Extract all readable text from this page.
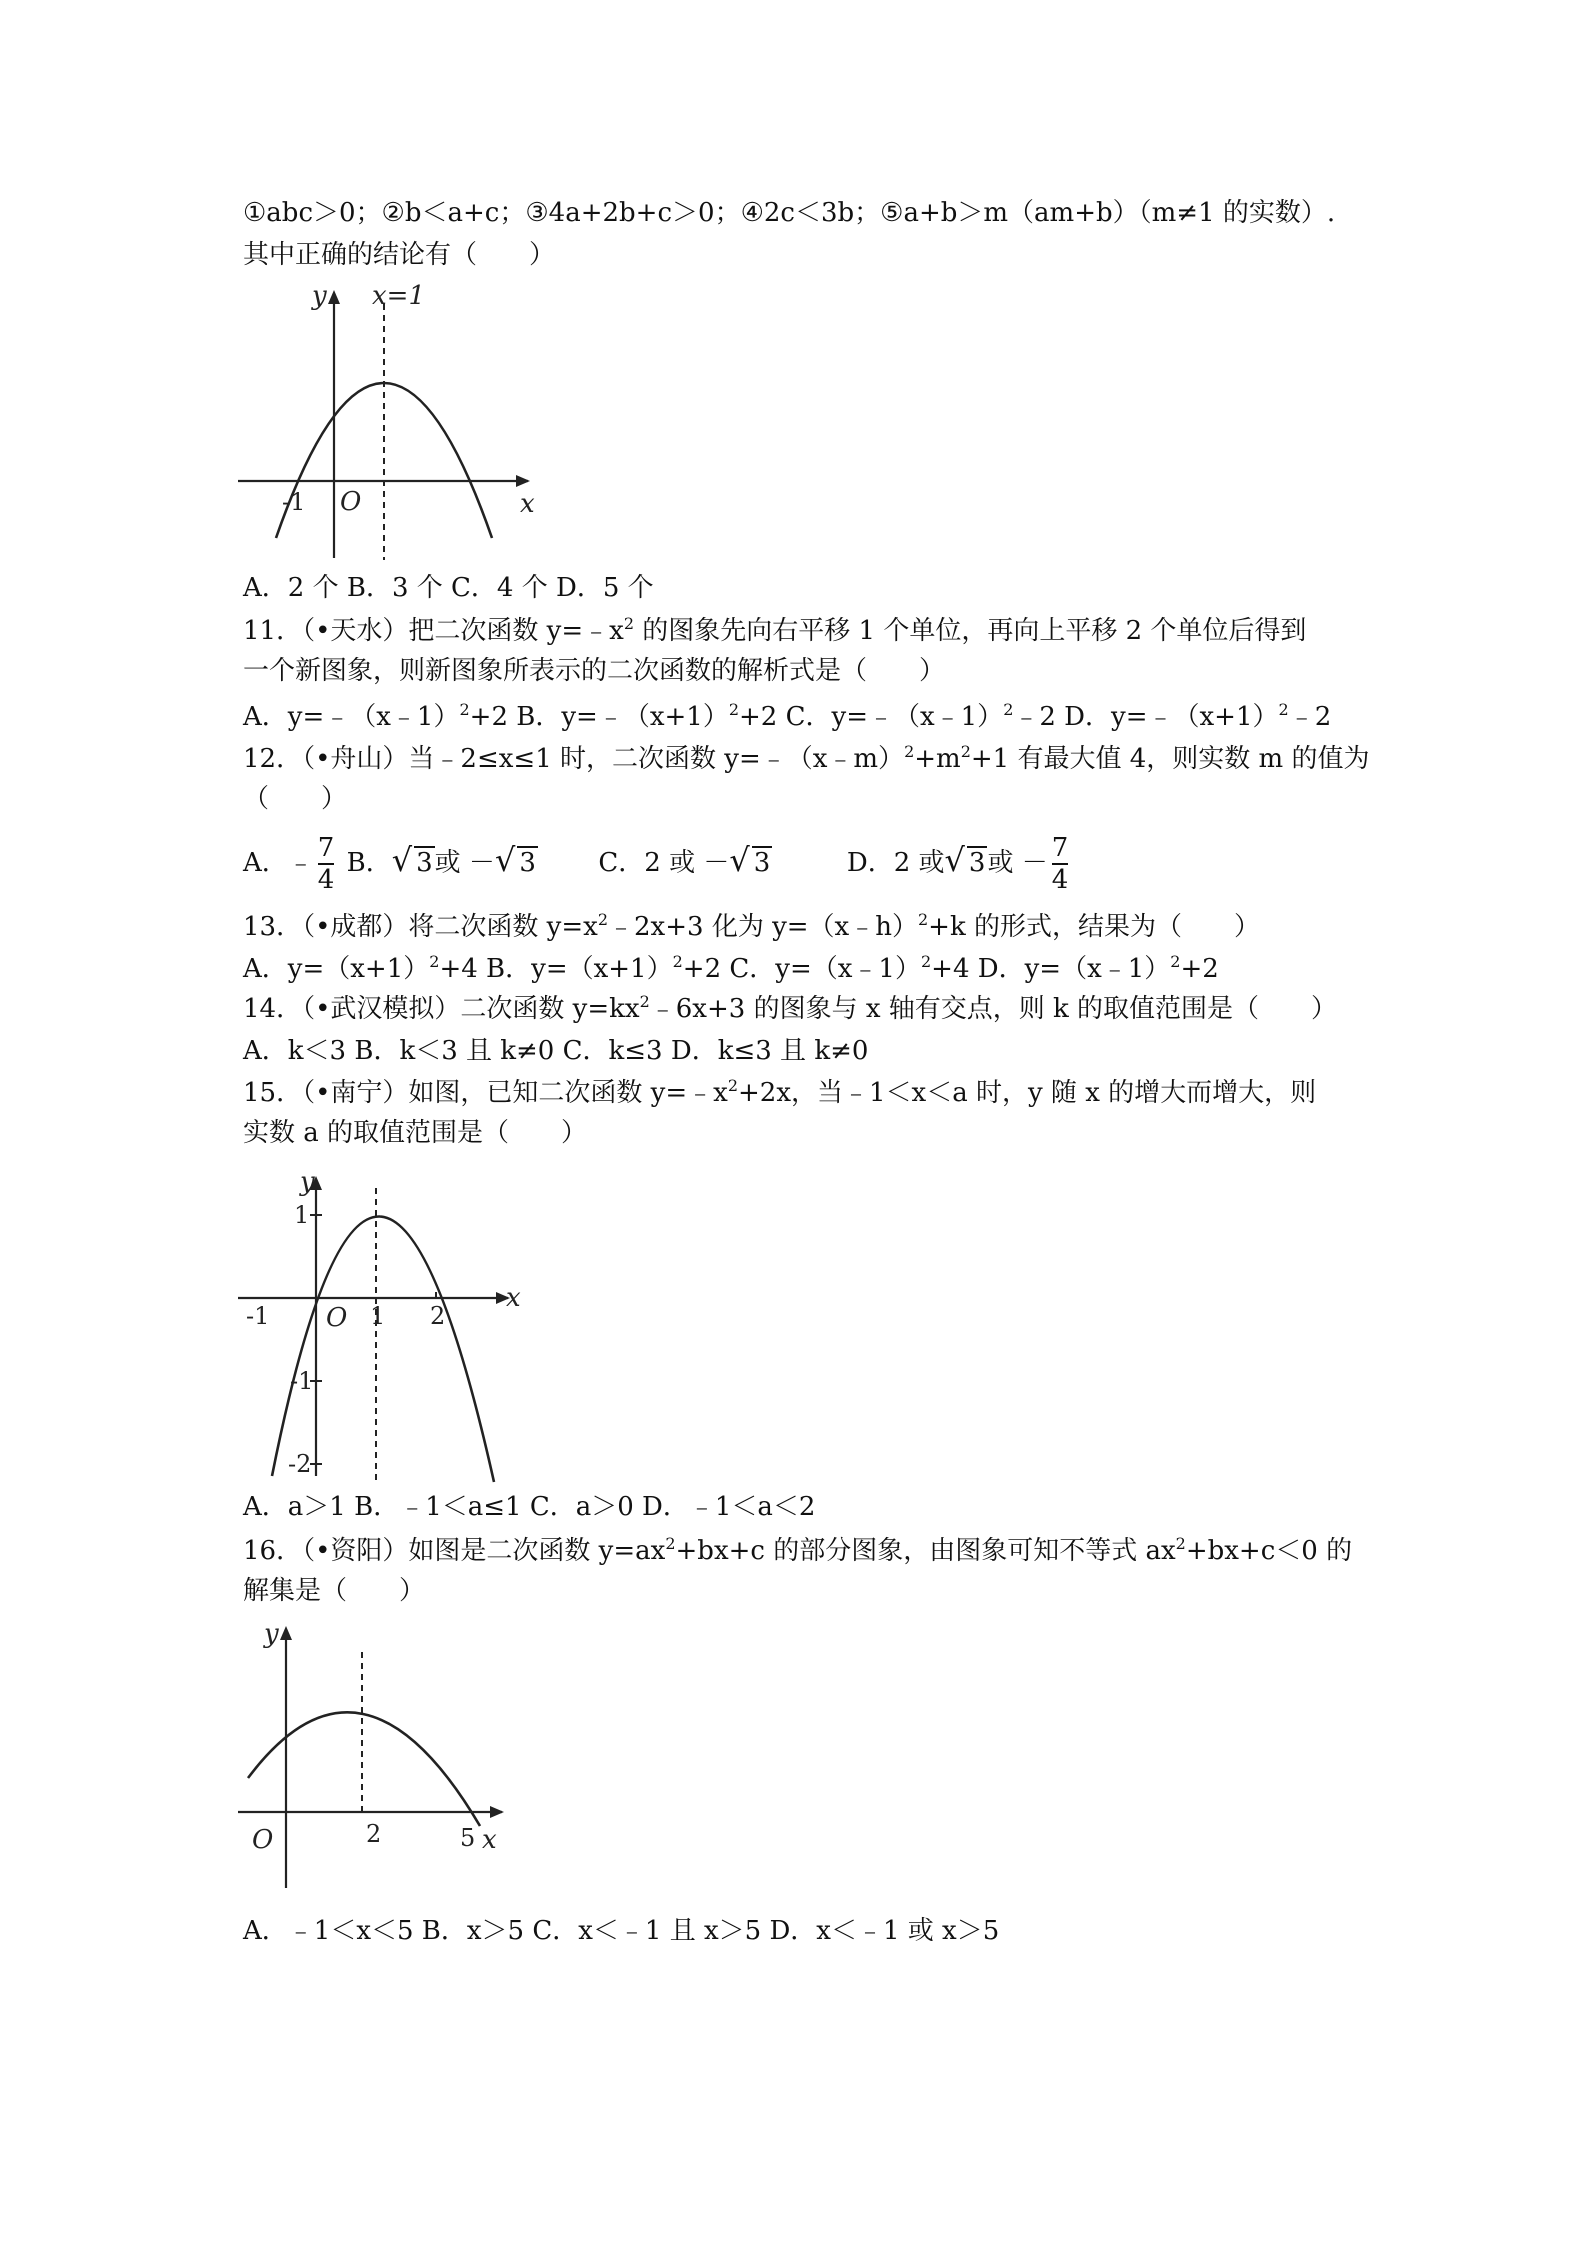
①abc＞0；②b＜a+c；③4a+2b+c＞0；④2c＜3b；⑤a+b＞m（am+b）（m≠1 的实数）.
其中正确的结论有（　　）
y x=1
x
O
-1
A．2 个 B．3 个 C．4 个 D．5 个
11．（•天水）把二次函数 $y=﹣x^2$ 的图象先向右平移 1 个单位，再向上平移 2 个单位后得到
一个新图象，则新图象所表示的二次函数的解析式是（　　）
A．y=﹣（x﹣1）$^2$+2 B．$y=﹣(x+1)^2+2$ C．y=﹣（x﹣1）$^2$﹣2 D．$y=﹣(x+1)^2﹣2$
12．（•舟山）当﹣2≤x≤1 时，二次函数 $y=﹣(x﹣m)^2+m^2+1$ 有最大值 4，则实数 m 的值为
（　　）
A．﹣ $\frac{7}{4}$ B．√ 3或 －√ 3 C．2 或 －√ 3	D．2 或√ 3或 － $\frac{7}{4}$
13．（•成都）将二次函数 $y=x^2﹣2x+3$ 化为 y=（x﹣h）$^2$+k 的形式，结果为（　　）
A．$y=(x+1)^2+4$ B．$y=(x+1)^2+2$ C．y=（x﹣1）$^2$+4 D．y=（x﹣1）$^2$+2
14．（•武汉模拟）二次函数 $y=kx^2﹣6x+3$ 的图象与 x 轴有交点，则 k 的取值范围是（　　）
A．k＜3 B．k＜3 且 k≠0 C．k≤3 D．k≤3 且 k≠0
15．（•南宁）如图，已知二次函数 $y=﹣x^2+2x$，当﹣1＜x＜a 时，y 随 x 的增大而增大，则
实数 a 的取值范围是（　　）
y
x
O
1
1 2
-1
-1
-2
A．a＞1 B．﹣1＜a≤1 C．a＞0 D．﹣1＜a＜2
16．（•资阳）如图是二次函数 $y=ax^2+bx+c$ 的部分图象，由图象可知不等式 $ax^2+bx+c<0$ 的
解集是（　　）
y
x
O	2	5
A．﹣1＜x＜5 B．x＞5 C．x＜﹣1 且 x＞5 D．x＜﹣1 或 x＞5
